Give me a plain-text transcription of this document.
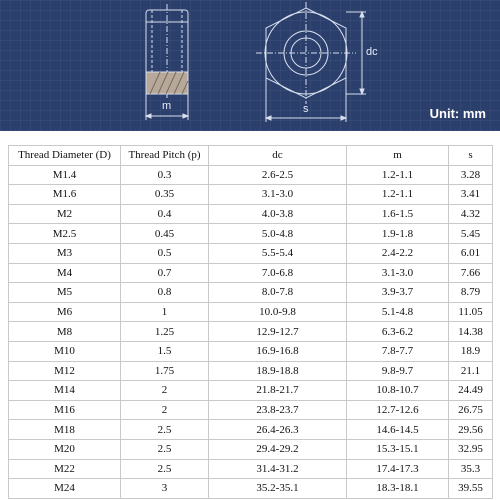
m	s
dc
Unit: mm
Thread Diameter (D)	Thread Pitch (p)	dc	m	s
M1.4	0.3	2.6-2.5	1.2-1.1	3.28
M1.6	0.35	3.1-3.0	1.2-1.1	3.41
M2	0.4	4.0-3.8	1.6-1.5	4.32
M2.5	0.45	5.0-4.8	1.9-1.8	5.45
M3	0.5	5.5-5.4	2.4-2.2	6.01
M4	0.7	7.0-6.8	3.1-3.0	7.66
M5	0.8	8.0-7.8	3.9-3.7	8.79
M6	1	10.0-9.8	5.1-4.8	11.05
M8	1.25	12.9-12.7	6.3-6.2	14.38
M10	1.5	16.9-16.8	7.8-7.7	18.9
M12	1.75	18.9-18.8	9.8-9.7	21.1
M14	2	21.8-21.7	10.8-10.7	24.49
M16	2	23.8-23.7	12.7-12.6	26.75
M18	2.5	26.4-26.3	14.6-14.5	29.56
M20	2.5	29.4-29.2	15.3-15.1	32.95
M22	2.5	31.4-31.2	17.4-17.3	35.3
M24	3	35.2-35.1	18.3-18.1	39.55
